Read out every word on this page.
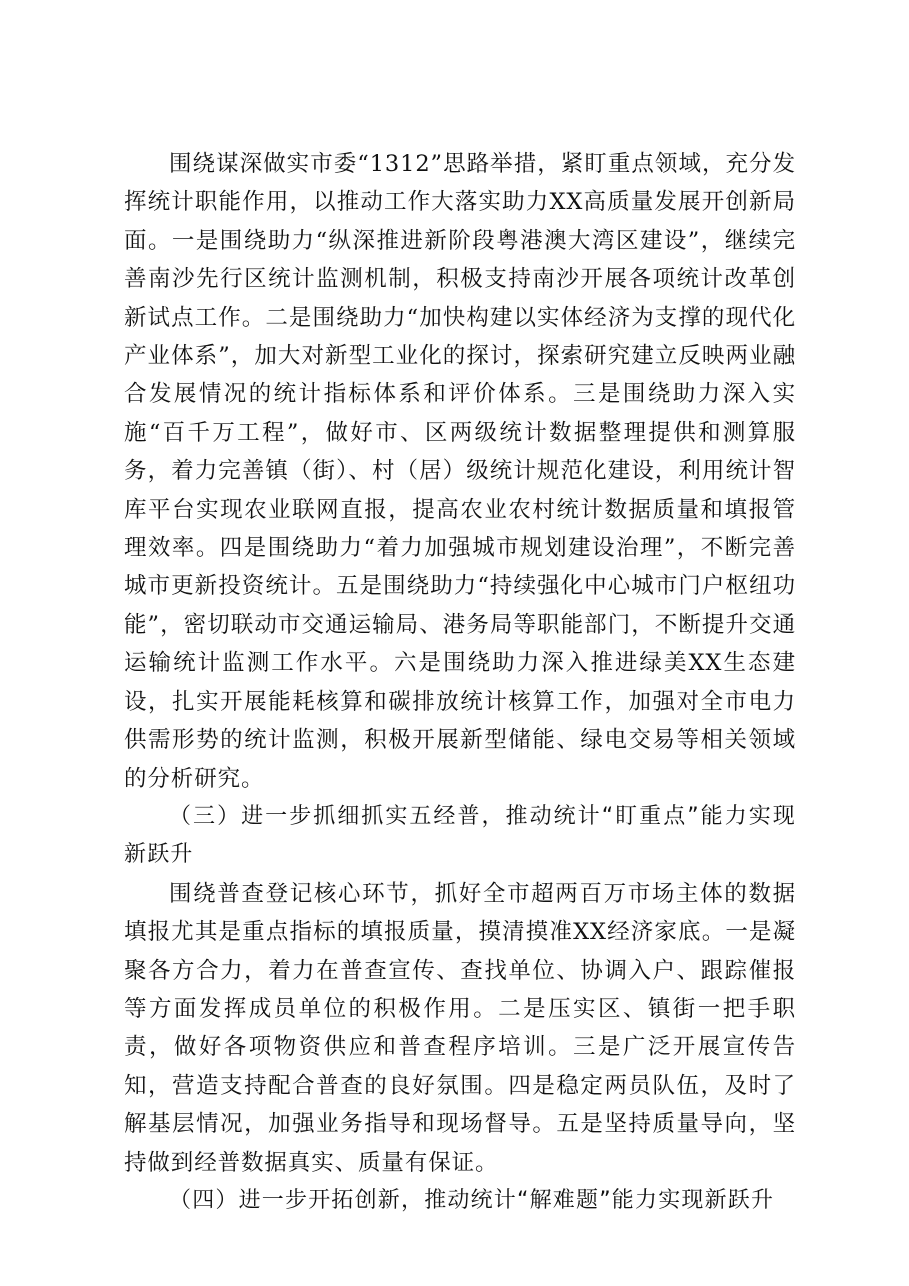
围绕谋深做实市委“1312”思路举措，紧盯重点领域，充分发挥统计职能作用，以推动工作大落实助力XX高质量发展开创新局面。一是围绕助力“纵深推进新阶段粤港澳大湾区建设”，继续完善南沙先行区统计监测机制，积极支持南沙开展各项统计改革创新试点工作。二是围绕助力“加快构建以实体经济为支撑的现代化产业体系”，加大对新型工业化的探讨，探索研究建立反映两业融合发展情况的统计指标体系和评价体系。三是围绕助力深入实施“百千万工程”，做好市、区两级统计数据整理提供和测算服务，着力完善镇（街）、村（居）级统计规范化建设，利用统计智库平台实现农业联网直报，提高农业农村统计数据质量和填报管理效率。四是围绕助力“着力加强城市规划建设治理”，不断完善城市更新投资统计。五是围绕助力“持续强化中心城市门户枢纽功能”，密切联动市交通运输局、港务局等职能部门，不断提升交通运输统计监测工作水平。六是围绕助力深入推进绿美XX生态建设，扎实开展能耗核算和碳排放统计核算工作，加强对全市电力供需形势的统计监测，积极开展新型储能、绿电交易等相关领域的分析研究。

（三）进一步抓细抓实五经普，推动统计“盯重点”能力实现新跃升

围绕普查登记核心环节，抓好全市超两百万市场主体的数据填报尤其是重点指标的填报质量，摸清摸准XX经济家底。一是凝聚各方合力，着力在普查宣传、查找单位、协调入户、跟踪催报等方面发挥成员单位的积极作用。二是压实区、镇街一把手职责，做好各项物资供应和普查程序培训。三是广泛开展宣传告知，营造支持配合普查的良好氛围。四是稳定两员队伍，及时了解基层情况，加强业务指导和现场督导。五是坚持质量导向，坚持做到经普数据真实、质量有保证。

（四）进一步开拓创新，推动统计“解难题”能力实现新跃升
